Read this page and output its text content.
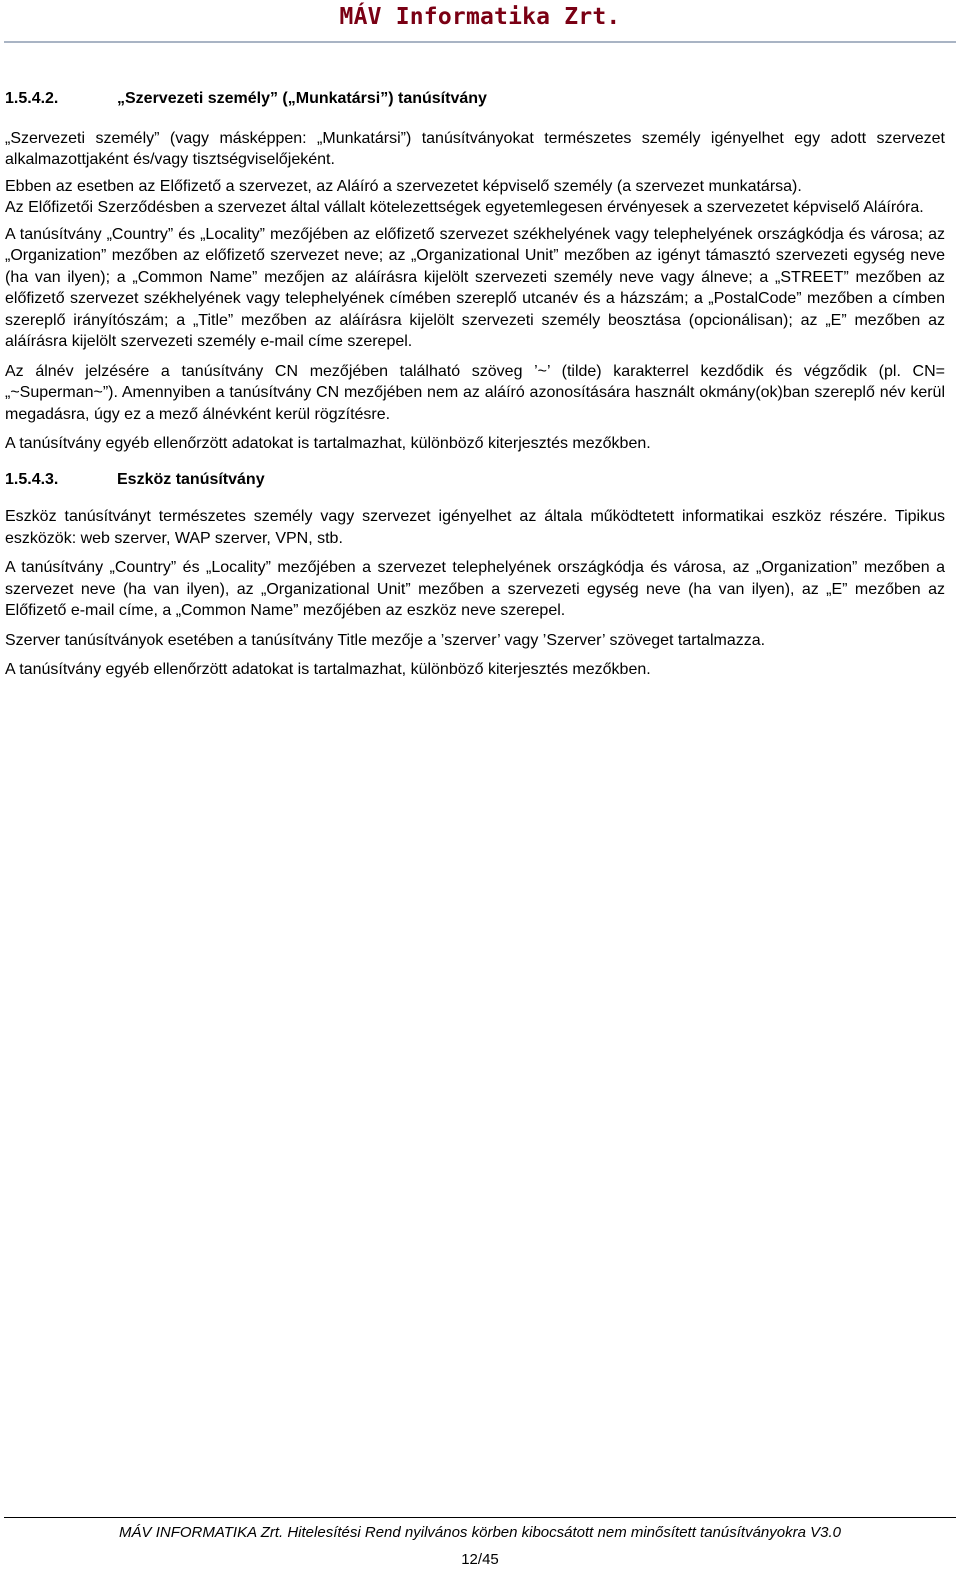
MÁV Informatika Zrt.
1.5.4.2.	„Szervezeti személy” („Munkatársi”) tanúsítvány

„Szervezeti személy” (vagy másképpen: „Munkatársi”) tanúsítványokat természetes személy igényelhet egy adott szervezet alkalmazottjaként és/vagy tisztségviselőjeként.

Ebben az esetben az Előfizető a szervezet, az Aláíró a szervezetet képviselő személy (a szervezet munkatársa).

Az Előfizetői Szerződésben a szervezet által vállalt kötelezettségek egyetemlegesen érvényesek a szervezetet képviselő Aláíróra.

A tanúsítvány „Country” és „Locality” mezőjében az előfizető szervezet székhelyének vagy telephelyének országkódja és városa; az „Organization” mezőben az előfizető szervezet neve; az „Organizational Unit” mezőben az igényt támasztó szervezeti egység neve (ha van ilyen); a „Common Name” mezőjen az aláírásra kijelölt szervezeti személy neve vagy álneve; a „STREET” mezőben az előfizető szervezet székhelyének vagy telephelyének címében szereplő utcanév és a házszám; a „PostalCode” mezőben a címben szereplő irányítószám; a „Title” mezőben az aláírásra kijelölt szervezeti személy beosztása (opcionálisan); az „E” mezőben az aláírásra kijelölt szervezeti személy e-mail címe szerepel.

Az álnév jelzésére a tanúsítvány CN mezőjében található szöveg ’~’ (tilde) karakterrel kezdődik és végződik (pl. CN= „~Superman~”). Amennyiben a tanúsítvány CN mezőjében nem az aláíró azonosítására használt okmány(ok)ban szereplő név kerül megadásra, úgy ez a mező álnévként kerül rögzítésre.

A tanúsítvány egyéb ellenőrzött adatokat is tartalmazhat, különböző kiterjesztés mezőkben.

1.5.4.3.	Eszköz tanúsítvány

Eszköz tanúsítványt természetes személy vagy szervezet igényelhet az általa működtetett informatikai eszköz részére. Tipikus eszközök: web szerver, WAP szerver, VPN, stb.

A tanúsítvány „Country” és „Locality” mezőjében a szervezet telephelyének országkódja és városa, az „Organization” mezőben a szervezet neve (ha van ilyen), az „Organizational Unit” mezőben a szervezeti egység neve (ha van ilyen), az „E” mezőben az Előfizető e-mail címe, a „Common Name” mezőjében az eszköz neve szerepel.

Szerver tanúsítványok esetében a tanúsítvány Title mezője a ’szerver’ vagy ’Szerver’ szöveget tartalmazza.

A tanúsítvány egyéb ellenőrzött adatokat is tartalmazhat, különböző kiterjesztés mezőkben.

MÁV INFORMATIKA Zrt. Hitelesítési Rend nyilvános körben kibocsátott nem minősített tanúsítványokra V3.0
12/45
